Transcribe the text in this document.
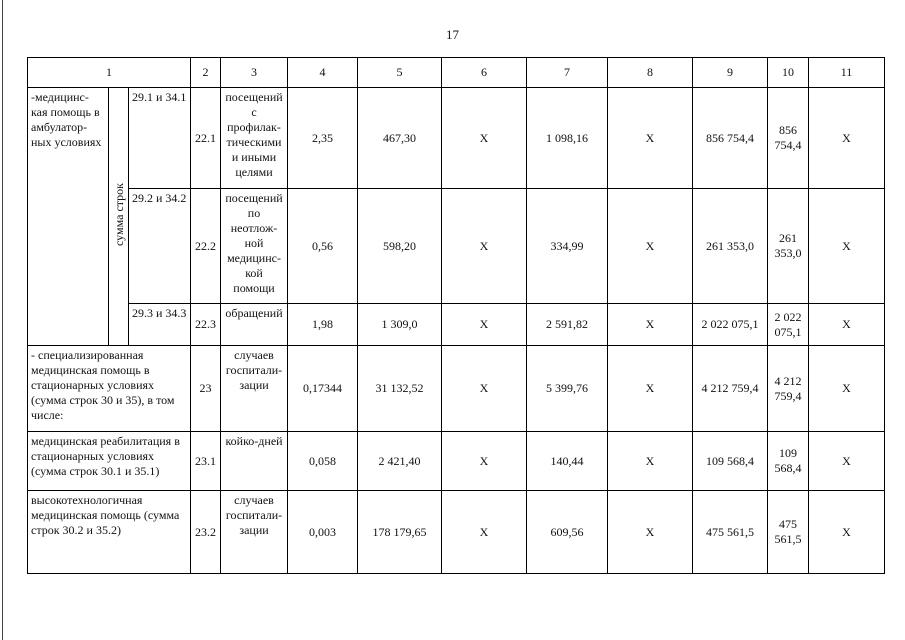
17
1			2	3	4	5	6	7	8	9	10	11
-медицинс-кая помощь в амбулатор-ных условиях	сумма строк	29.1 и 34.1	22.1	посещений с профилак-тическими и иными целями	2,35	467,30	Х	1 098,16	Х	856 754,4	856 754,4	Х
		29.2 и 34.2	22.2	посещений по неотлож-ной медицинс-кой помощи	0,56	598,20	Х	334,99	Х	261 353,0	261 353,0	Х
		29.3 и 34.3	22.3	обращений	1,98	1 309,0	Х	2 591,82	Х	2 022 075,1	2 022 075,1	Х
- специализированная медицинская помощь в стационарных условиях (сумма строк 30 и 35), в том числе:			23	случаев госпитали-зации	0,17344	31 132,52	Х	5 399,76	Х	4 212 759,4	4 212 759,4	Х
медицинская реабилитация в стационарных условиях (сумма строк 30.1 и 35.1)			23.1	койко-дней	0,058	2 421,40	Х	140,44	Х	109 568,4	109 568,4	Х
высокотехнологичная медицинская помощь (сумма строк 30.2 и 35.2)			23.2	случаев госпитали-зации	0,003	178 179,65	Х	609,56	Х	475 561,5	475 561,5	Х
